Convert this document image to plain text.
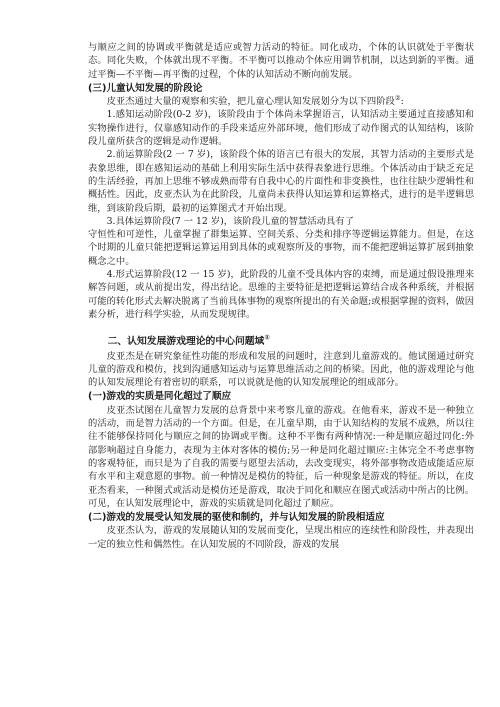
与顺应之间的协调或平衡就是适应或智力活动的特征。同化成功，个体的认识就处于平衡状态。同化失败，个体就出现不平衡。不平衡可以推动个体应用调节机制，以达到新的平衡。通过平衡—不平衡—再平衡的过程，个体的认知活动不断向前发展。

(三)儿童认知发展的阶段论

皮亚杰通过大量的观察和实验，把儿童心理认知发展划分为以下四阶段②:

1.感知运动阶段(0-2 岁)，该阶段由于个体尚未掌握语言，认知活动主要通过直接感知和实物操作进行，仅靠感知动作的手段来适应外部环境，他们形成了动作图式的认知结构，该阶段儿童所获含的逻辑是动作逻辑。

2.前运算阶段(2 一 7 岁)，该阶段个体的语言已有很大的发展，其智力活动的主要形式是表象思维，即在感知运动的基础上利用实际生活中获得表象进行思维。个体活动由于缺乏充足的生活经验，再加上思维不够成熟而带有自我中心的片面性和非变换性，也往往缺少逻辑性和概括性。因此，皮亚杰认为在此阶段，儿童尚未获得认知运算和运算格式，进行的是半逻辑思维，到该阶段后期，最初的运算图式才开始出现。

3.具体运算阶段(7 一 12 岁)，该阶段儿童的智慧活动具有了

守恒性和可逆性，儿童掌握了群集运算、空间关系、分类和排序等逻辑运算能力。但是，在这个时期的儿童只能把逻辑运算运用到具体的或观察所及的事物，而不能把逻辑运算扩展到抽象概念之中。

4.形式运算阶段(12 一 15 岁)，此阶段的儿童不受具体内容的束缚，而是通过假设推理来解答问题，或从前提出发，得出结论。思维的主要特征是把逻辑运算结合成各种系统，并根据可能的转化形式去解决脱离了当前具体事物的观察所提出的有关命题;或根据掌握的资料，做因素分析，进行科学实验，从而发现规律。

二、认知发展游戏理论的中心问题域①

皮亚杰是在研究象征性功能的形成和发展的问题时，注意到儿童游戏的。他试图通过研究儿童的游戏和模仿，找到沟通感知运动与运算思维活动之间的桥梁。因此，他的游戏理论与他的认知发展理论有着密切的联系，可以说就是他的认知发展理论的组成部分。

(一)游戏的实质是同化超过了顺应

皮亚杰试图在儿童智力发展的总背景中来考察儿童的游戏。在他看来，游戏不是一种独立的活动，而是智力活动的一个方面。但是，在儿童早期，由于认知结构的发展不成熟，所以往往不能够保持同化与顺应之间的协调或平衡。这种不平衡有两种情况:一种是顺应超过同化:外部影响超过自身能力，表现为主体对客体的模仿;另一种是同化超过顺应:主体完全不考虑事物的客观特征，而只是为了自我的需要与愿望去活动，去改变现实，将外部事物改造成能适应原有水平和主观意愿的事物。前一种情况是模仿的特征，后一种现象是游戏的特征。所以，在皮亚杰看来，一种图式或活动是模仿还是游戏，取决于同化和顺应在图式或活动中所占的比例。可见，在认知发展理论中，游戏的实质就是同化超过了顺应。

(二)游戏的发展受认知发展的驱使和制约，并与认知发展的阶段相适应

皮亚杰认为，游戏的发展随认知的发展而变化，呈现出相应的连续性和阶段性，并表现出一定的独立性和偶然性。在认知发展的不同阶段，游戏的发展
